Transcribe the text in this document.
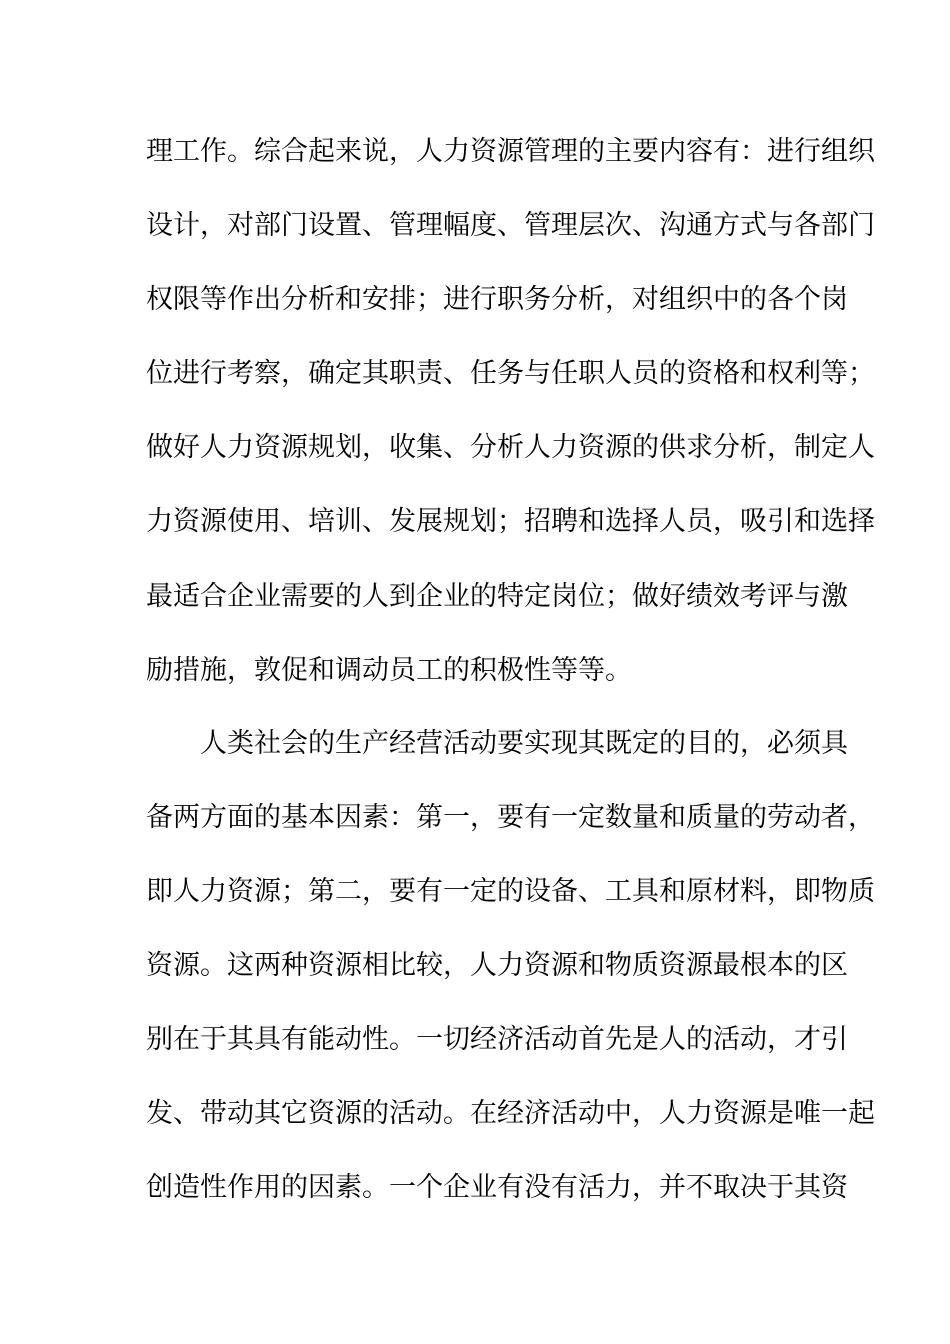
理工作。综合起来说，人力资源管理的主要内容有：进行组织
设计，对部门设置、管理幅度、管理层次、沟通方式与各部门
权限等作出分析和安排；进行职务分析，对组织中的各个岗
位进行考察，确定其职责、任务与任职人员的资格和权利等；
做好人力资源规划，收集、分析人力资源的供求分析，制定人
力资源使用、培训、发展规划；招聘和选择人员，吸引和选择
最适合企业需要的人到企业的特定岗位；做好绩效考评与激
励措施，敦促和调动员工的积极性等等。
人类社会的生产经营活动要实现其既定的目的，必须具
备两方面的基本因素：第一，要有一定数量和质量的劳动者，
即人力资源；第二，要有一定的设备、工具和原材料，即物质
资源。这两种资源相比较，人力资源和物质资源最根本的区
别在于其具有能动性。一切经济活动首先是人的活动，才引
发、带动其它资源的活动。在经济活动中，人力资源是唯一起
创造性作用的因素。一个企业有没有活力，并不取决于其资
